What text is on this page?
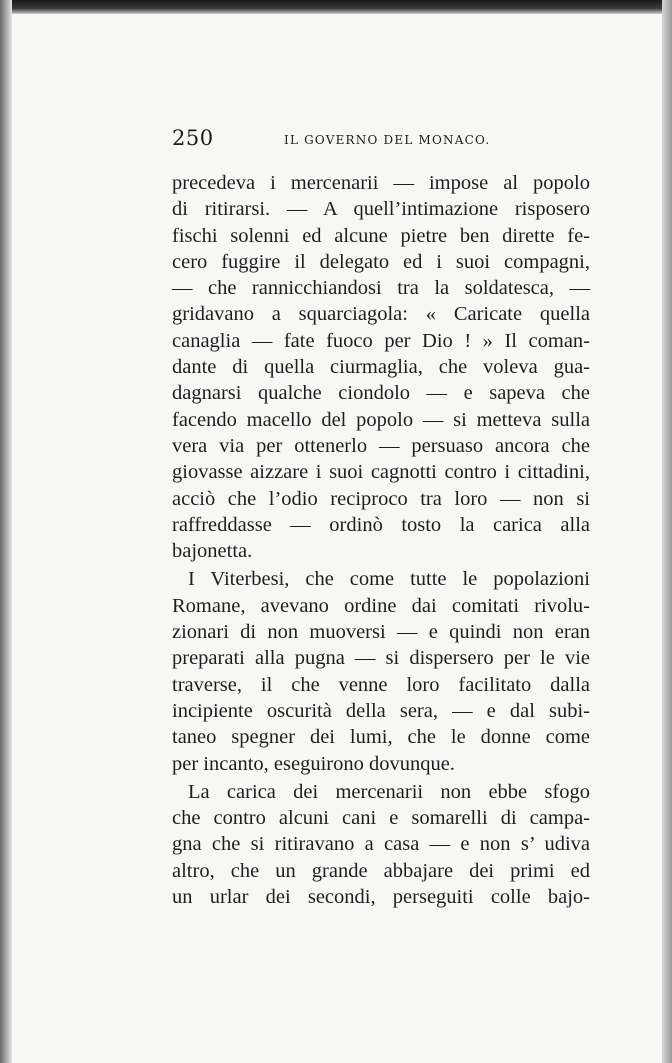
250	IL GOVERNO DEL MONACO.
precedeva i mercenarii — impose al popolo
di ritirarsi. — A quell’intimazione risposero
fischi solenni ed alcune pietre ben dirette fe-
cero fuggire il delegato ed i suoi compagni,
— che rannicchiandosi tra la soldatesca, —
gridavano a squarciagola: « Caricate quella
canaglia — fate fuoco per Dio ! » Il coman-
dante di quella ciurmaglia, che voleva gua-
dagnarsi qualche ciondolo — e sapeva che
facendo macello del popolo — si metteva sulla
vera via per ottenerlo — persuaso ancora che
giovasse aizzare i suoi cagnotti contro i cittadini,
acciò che l’odio reciproco tra loro — non si
raffreddasse — ordinò tosto la carica alla
bajonetta.
I Viterbesi, che come tutte le popolazioni
Romane, avevano ordine dai comitati rivolu-
zionari di non muoversi — e quindi non eran
preparati alla pugna — si dispersero per le vie
traverse, il che venne loro facilitato dalla
incipiente oscurità della sera, — e dal subi-
taneo spegner dei lumi, che le donne come
per incanto, eseguirono dovunque.
La carica dei mercenarii non ebbe sfogo
che contro alcuni cani e somarelli di campa-
gna che si ritiravano a casa — e non s’ udiva
altro, che un grande abbajare dei primi ed
un urlar dei secondi, perseguiti colle bajo-
